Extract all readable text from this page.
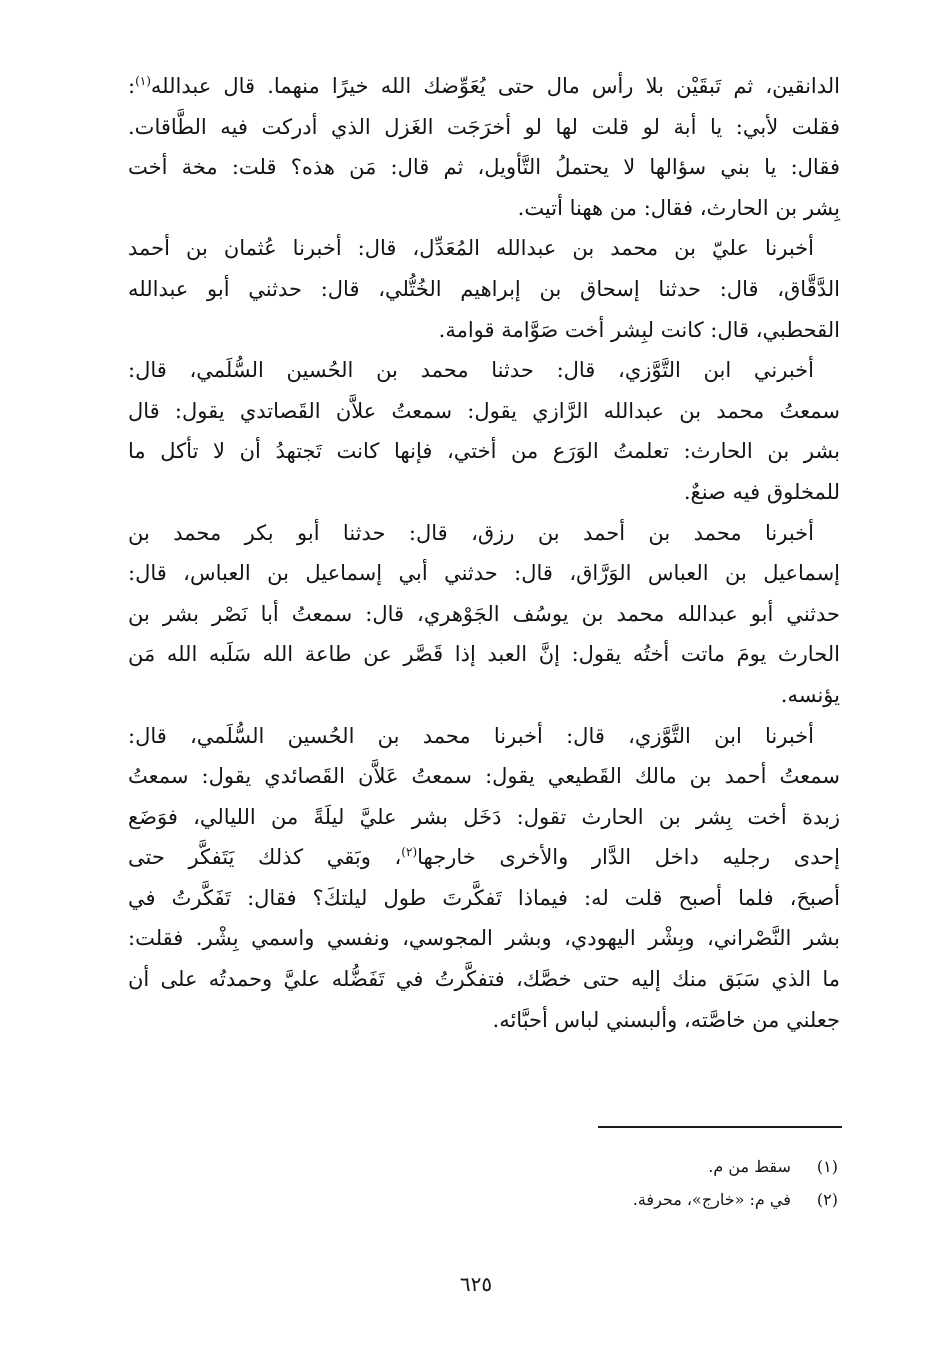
الدانقين، ثم تَبقَيْن بلا رأس مال حتى يُعَوِّضك الله خيرًا منهما. قال عبدالله$^{(١)}$:
فقلت لأبي: يا أبة لو قلت لها لو أخرَجَت الغَزل الذي أدركت فيه الطَّاقات.
فقال: يا بني سؤالها لا يحتملُ التَّأويل، ثم قال: مَن هذه؟ قلت: مخة أخت
بِشر بن الحارث، فقال: من ههنا أتيت.
أخبرنا عليّ بن محمد بن عبدالله المُعَدِّل، قال: أخبرنا عُثمان بن أحمد
الدَّقَّاق، قال: حدثنا إسحاق بن إبراهيم الخُتُّلي، قال: حدثني أبو عبدالله
القحطبي، قال: كانت لبِشر أخت صَوَّامة قوامة.
أخبرني ابن التَّوَّزي، قال: حدثنا محمد بن الحُسين السُّلَمي، قال:
سمعتُ محمد بن عبدالله الرَّازي يقول: سمعتُ علاَّن القَصاتدي يقول: قال
بشر بن الحارث: تعلمتُ الوَرَع من أختي، فإنها كانت تَجتهدُ أن لا تأكل ما
للمخلوق فيه صنعٌ.
أخبرنا محمد بن أحمد بن رزق، قال: حدثنا أبو بكر محمد بن
إسماعيل بن العباس الوَرَّاق، قال: حدثني أبي إسماعيل بن العباس، قال:
حدثني أبو عبدالله محمد بن يوسُف الجَوْهري، قال: سمعتُ أبا نَصْر بشر بن
الحارث يومَ ماتت أختُه يقول: إنَّ العبد إذا قَصَّر عن طاعة الله سَلَبه الله مَن
يؤنسه.
أخبرنا ابن التَّوَّزي، قال: أخبرنا محمد بن الحُسين السُّلَمي، قال:
سمعتُ أحمد بن مالك القَطيعي يقول: سمعتُ عَلاَّن القَصائدي يقول: سمعتُ
زبدة أخت بِشر بن الحارث تقول: دَخَل بشر عليَّ ليلَةً من الليالي، فوَضَع
إحدى رجليه داخل الدَّار والأخرى خارجها$^{(٢)}$، وبَقي كذلك يَتَفكَّر حتى
أصبحَ، فلما أصبح قلت له: فيماذا تَفكَّرتَ طول ليلتكَ؟ فقال: تَفَكَّرتُ في
بشر النَّصْراني، وبِشْر اليهودي، وبشر المجوسي، ونفسي واسمي بِشْر. فقلت:
ما الذي سَبَق منك إليه حتى خصَّك، فتفكَّرتُ في تَفَضُّله عليَّ وحمدتُه على أن
جعلني من خاصَّته، وألبسني لباس أحبَّائه.
(١) سقط من م.
(٢) في م: «خارج»، محرفة.
٦٢٥
